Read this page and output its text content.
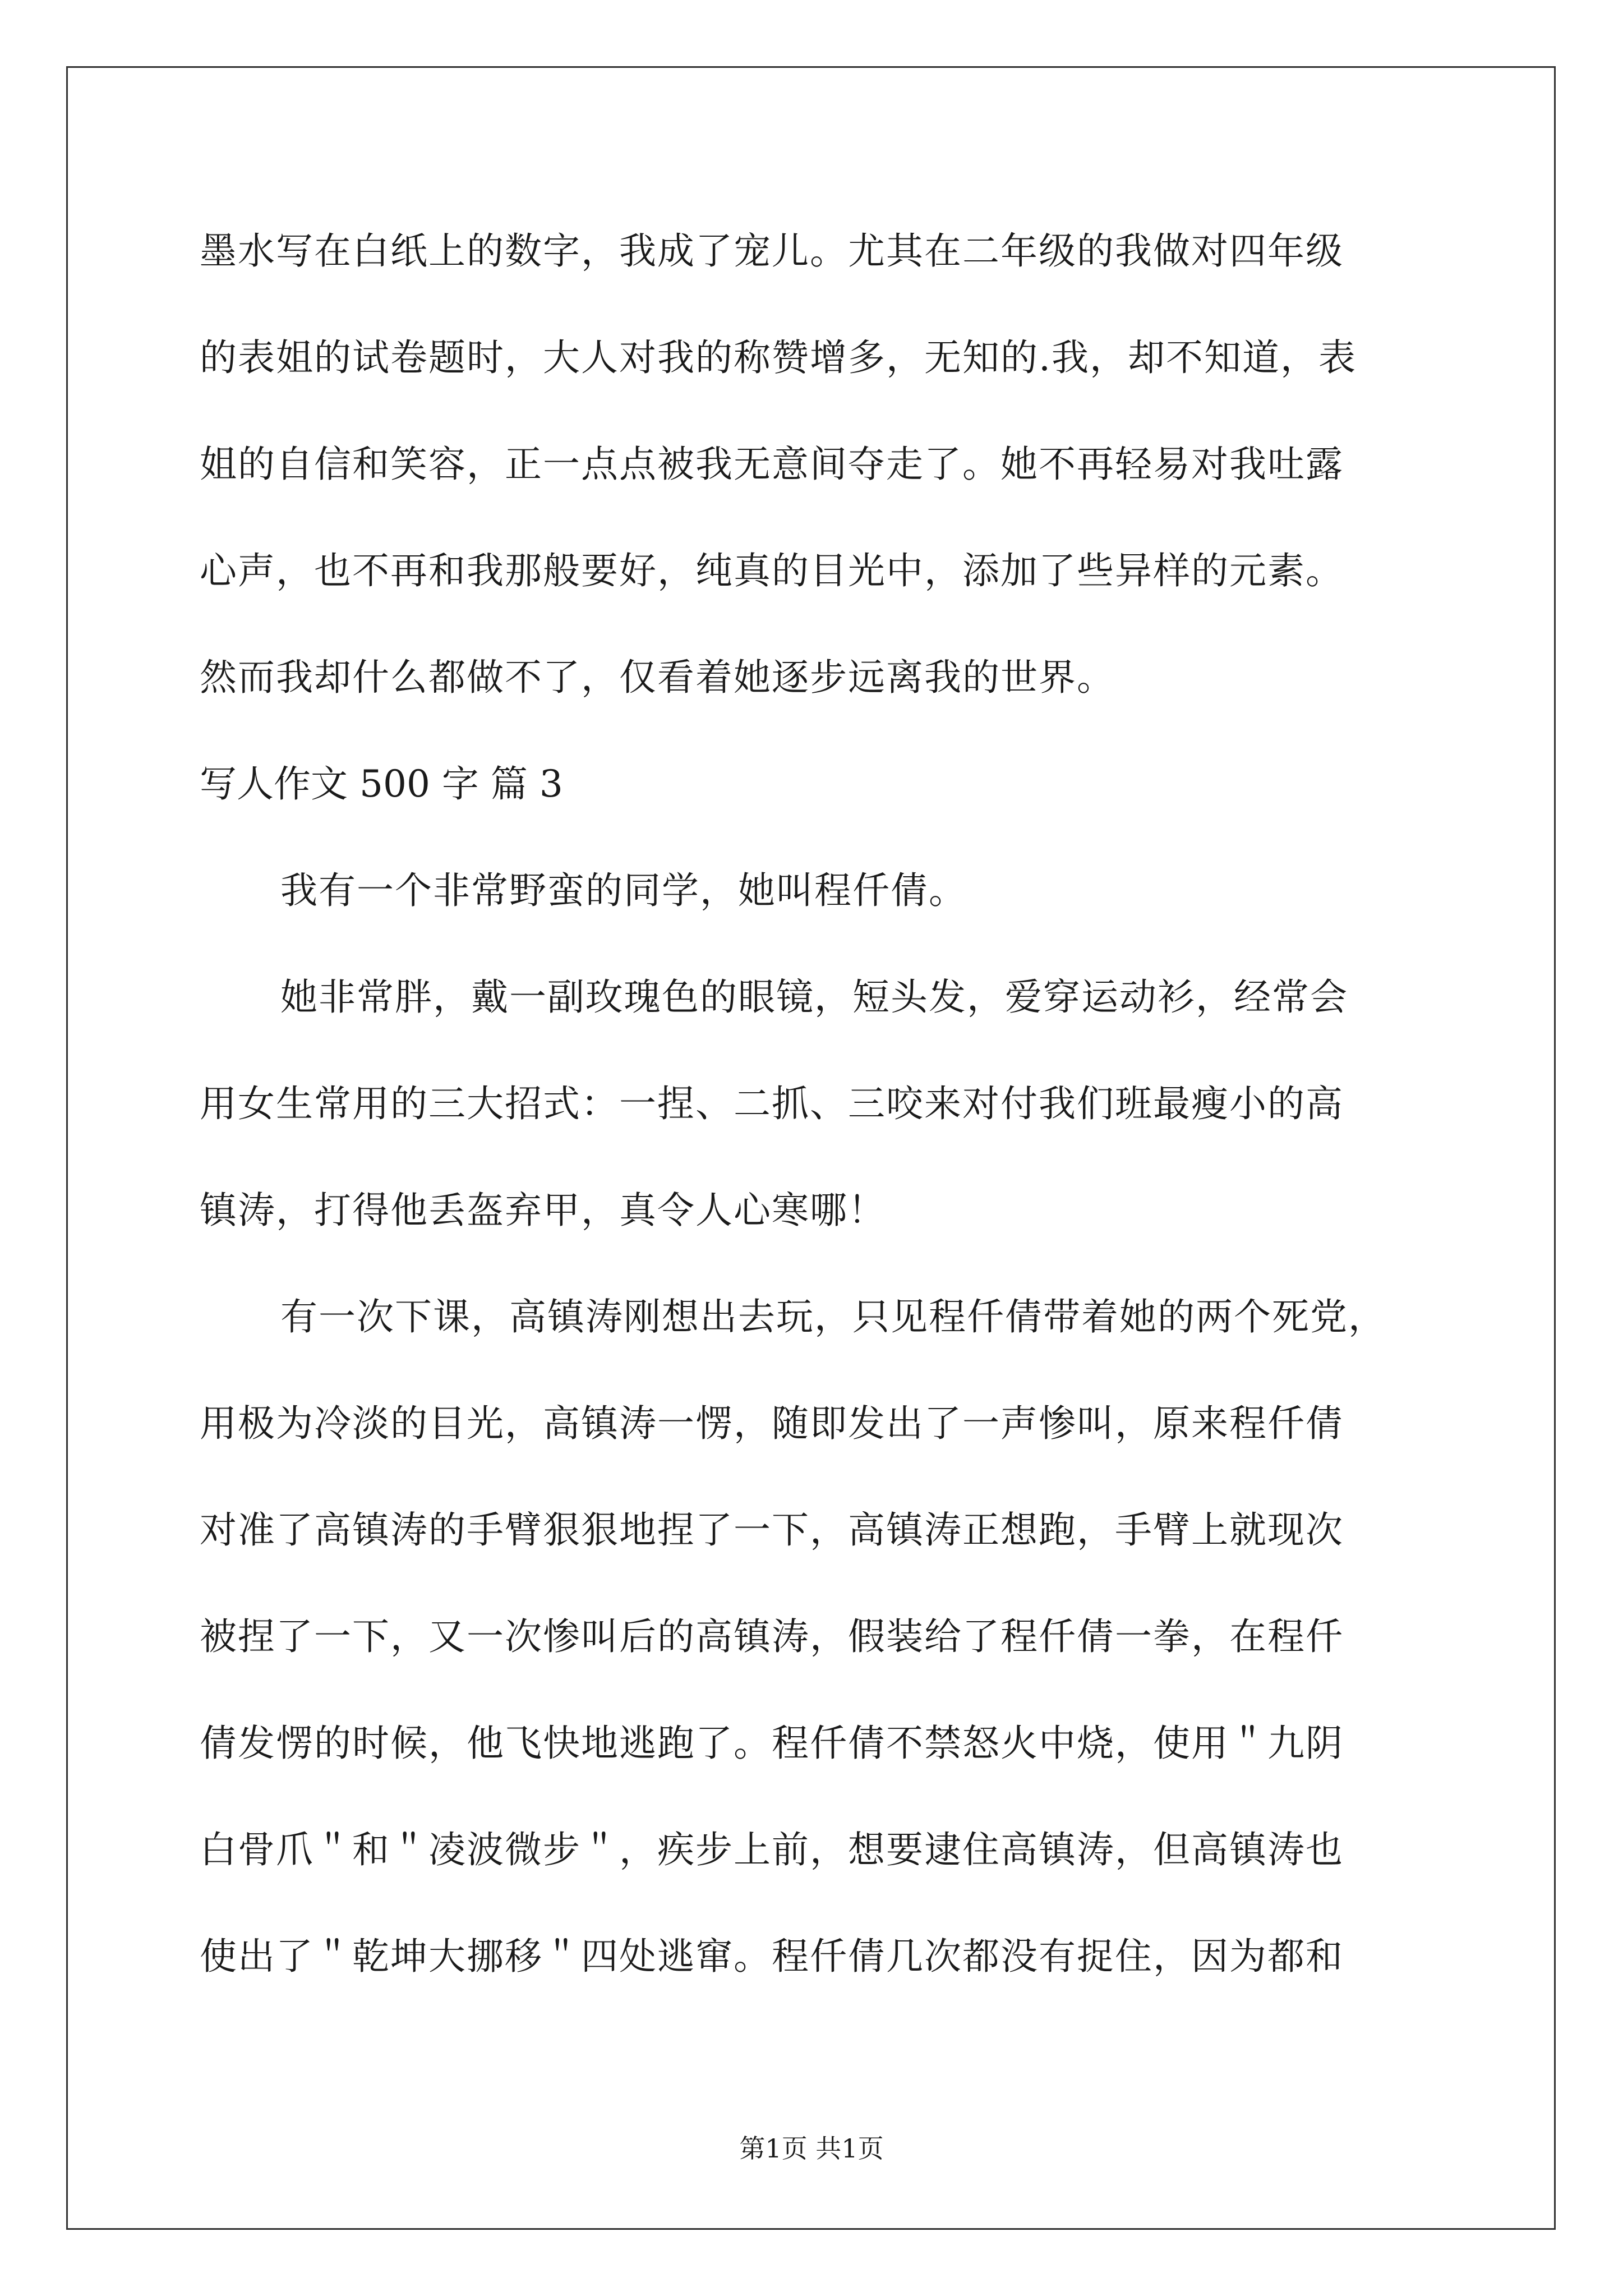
墨水写在白纸上的数字，我成了宠儿。尤其在二年级的我做对四年级
的表姐的试卷题时，大人对我的称赞增多，无知的.我，却不知道，表
姐的自信和笑容，正一点点被我无意间夺走了。她不再轻易对我吐露
心声，也不再和我那般要好，纯真的目光中，添加了些异样的元素。
然而我却什么都做不了，仅看着她逐步远离我的世界。
写人作文 500 字 篇 3
我有一个非常野蛮的同学，她叫程仟倩。
她非常胖，戴一副玫瑰色的眼镜，短头发，爱穿运动衫，经常会
用女生常用的三大招式：一捏、二抓、三咬来对付我们班最瘦小的高
镇涛，打得他丢盔弃甲，真令人心寒哪！
有一次下课，高镇涛刚想出去玩，只见程仟倩带着她的两个死党，
用极为冷淡的目光，高镇涛一愣，随即发出了一声惨叫，原来程仟倩
对准了高镇涛的手臂狠狠地捏了一下，高镇涛正想跑，手臂上就现次
被捏了一下，又一次惨叫后的高镇涛，假装给了程仟倩一拳，在程仟
倩发愣的时候，他飞快地逃跑了。程仟倩不禁怒火中烧，使用＂九阴
白骨爪＂和＂凌波微步＂，疾步上前，想要逮住高镇涛，但高镇涛也
使出了＂乾坤大挪移＂四处逃窜。程仟倩几次都没有捉住，因为都和
第1页 共1页
